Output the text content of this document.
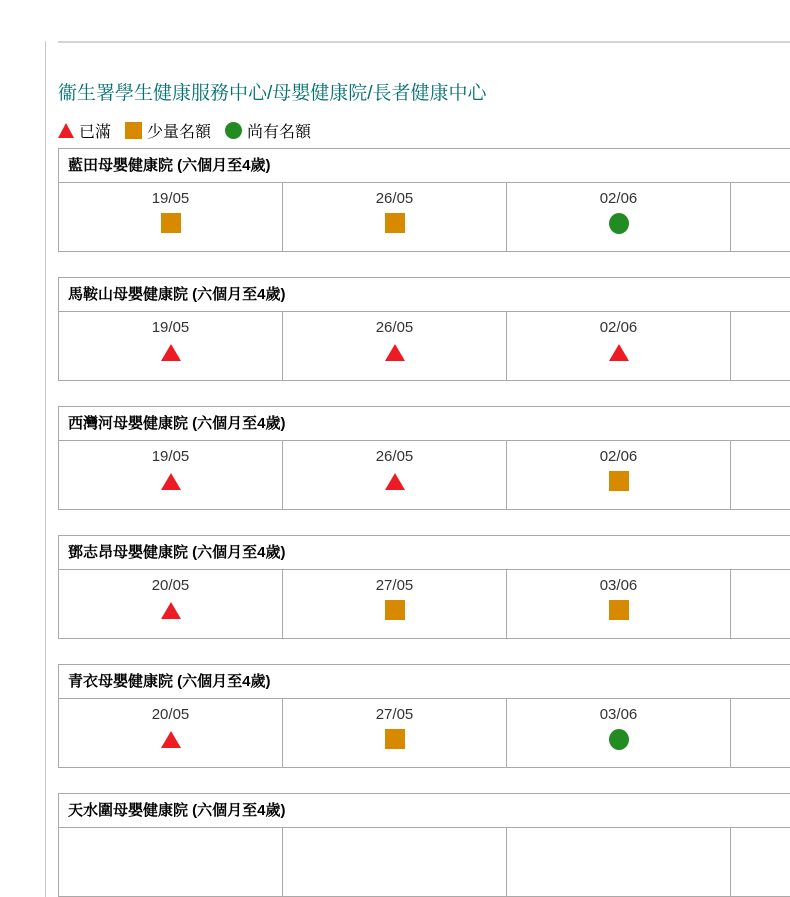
衞生署學生健康服務中心/母嬰健康院/長者健康中心
已滿 少量名額 尚有名額
藍田母嬰健康院 (六個月至4歲)
19/05	26/05	02/06
馬鞍山母嬰健康院 (六個月至4歲)
19/05	26/05	02/06
西灣河母嬰健康院 (六個月至4歲)
19/05	26/05	02/06
鄧志昂母嬰健康院 (六個月至4歲)
20/05	27/05	03/06
青衣母嬰健康院 (六個月至4歲)
20/05	27/05	03/06
天水圍母嬰健康院 (六個月至4歲)
